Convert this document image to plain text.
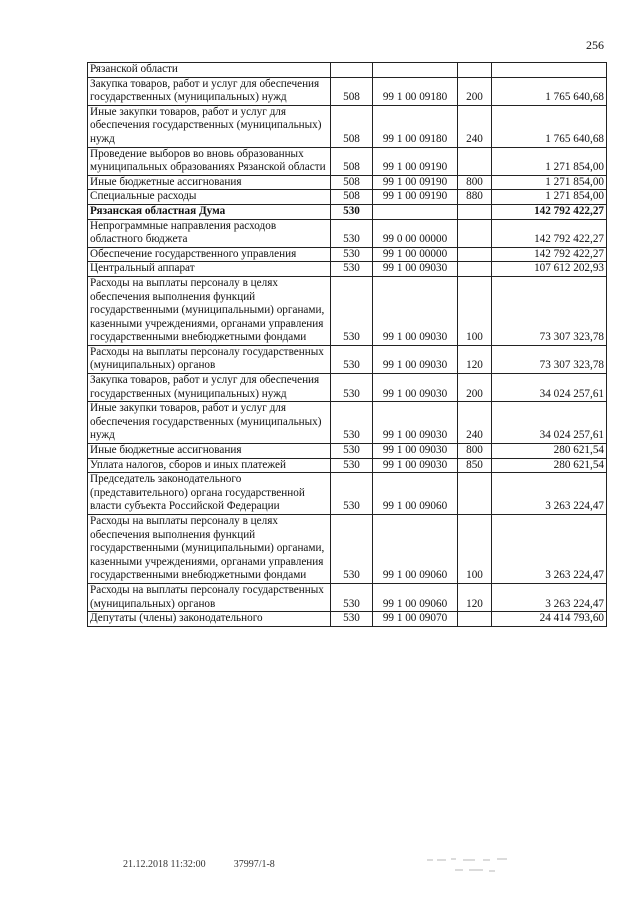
256
Рязанской области				
Закупка товаров, работ и услуг для обеспечения государственных (муниципальных) нужд	508	99 1 00 09180	200	1 765 640,68
Иные закупки товаров, работ и услуг для обеспечения государственных (муниципальных) нужд	508	99 1 00 09180	240	1 765 640,68
Проведение выборов во вновь образованных муниципальных образованиях Рязанской области	508	99 1 00 09190		1 271 854,00
Иные бюджетные ассигнования	508	99 1 00 09190	800	1 271 854,00
Специальные расходы	508	99 1 00 09190	880	1 271 854,00
Рязанская областная Дума	530			142 792 422,27
Непрограммные направления расходов областного бюджета	530	99 0 00 00000		142 792 422,27
Обеспечение государственного управления	530	99 1 00 00000		142 792 422,27
Центральный аппарат	530	99 1 00 09030		107 612 202,93
Расходы на выплаты персоналу в целях обеспечения выполнения функций государственными (муниципальными) органами, казенными учреждениями, органами управления государственными внебюджетными фондами	530	99 1 00 09030	100	73 307 323,78
Расходы на выплаты персоналу государственных (муниципальных) органов	530	99 1 00 09030	120	73 307 323,78
Закупка товаров, работ и услуг для обеспечения государственных (муниципальных) нужд	530	99 1 00 09030	200	34 024 257,61
Иные закупки товаров, работ и услуг для обеспечения государственных (муниципальных) нужд	530	99 1 00 09030	240	34 024 257,61
Иные бюджетные ассигнования	530	99 1 00 09030	800	280 621,54
Уплата налогов, сборов и иных платежей	530	99 1 00 09030	850	280 621,54
Председатель законодательного (представительного) органа государственной власти субъекта Российской Федерации	530	99 1 00 09060		3 263 224,47
Расходы на выплаты персоналу в целях обеспечения выполнения функций государственными (муниципальными) органами, казенными учреждениями, органами управления государственными внебюджетными фондами	530	99 1 00 09060	100	3 263 224,47
Расходы на выплаты персоналу государственных (муниципальных) органов	530	99 1 00 09060	120	3 263 224,47
Депутаты (члены) законодательного	530	99 1 00 09070		24 414 793,60
21.12.2018 11:32:00	37997/1-8
